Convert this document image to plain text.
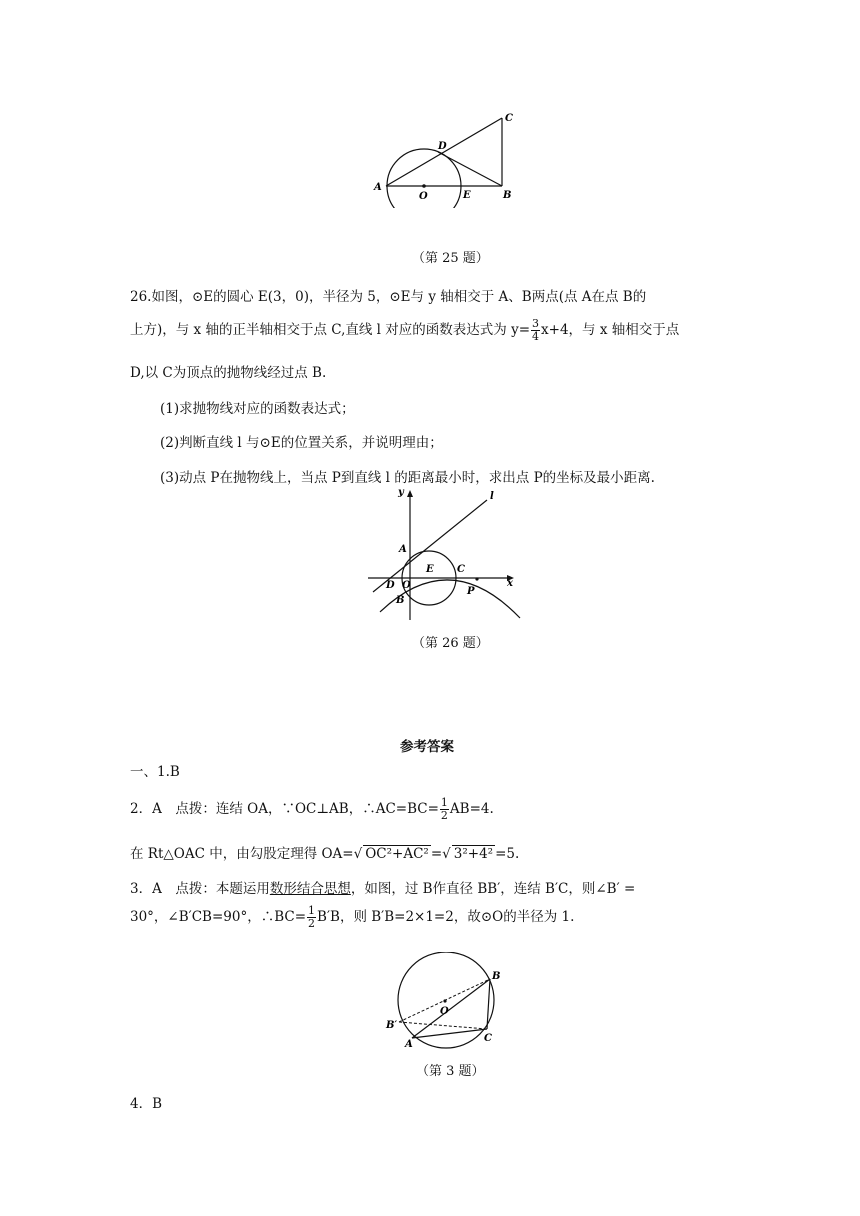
A
B
C
D
E
O
（第 25 题）
26.如图，⊙E的圆心 E(3，0)，半径为 5，⊙E与 y 轴相交于 A、B两点(点 A在点 B的
上方)，与 x 轴的正半轴相交于点 C,直线 l 对应的函数表达式为 $y= \frac{3}{4} x+4$，与 x 轴相交于点
D,以 C为顶点的抛物线经过点 B.
(1)求抛物线对应的函数表达式；
(2)判断直线 l 与⊙E的位置关系，并说明理由；
(3)动点 P在抛物线上，当点 P到直线 l 的距离最小时，求出点 P的坐标及最小距离.
y	l
A
E C
x
D O
P
B
（第 26 题）
参考答案
一、1.B
2．A　点拨：连结 OA，∵OC⊥AB，∴AC=BC= $\frac{1}{2} AB=4$.
在 Rt△OAC 中，由勾股定理得 OA=√ OC²+AC² =√ 3²+4² =5.
3．A　点拨：本题运用数形结合思想，如图，过 B作直径 BB′，连结 B′C，则∠B′ =
30°，∠B′CB=90°，∴BC= $\frac{1}{2} B'B$，则 B′B=2×1=2，故⊙O的半径为 1.
B
O
B′
C
A
（第 3 题）
4．B
